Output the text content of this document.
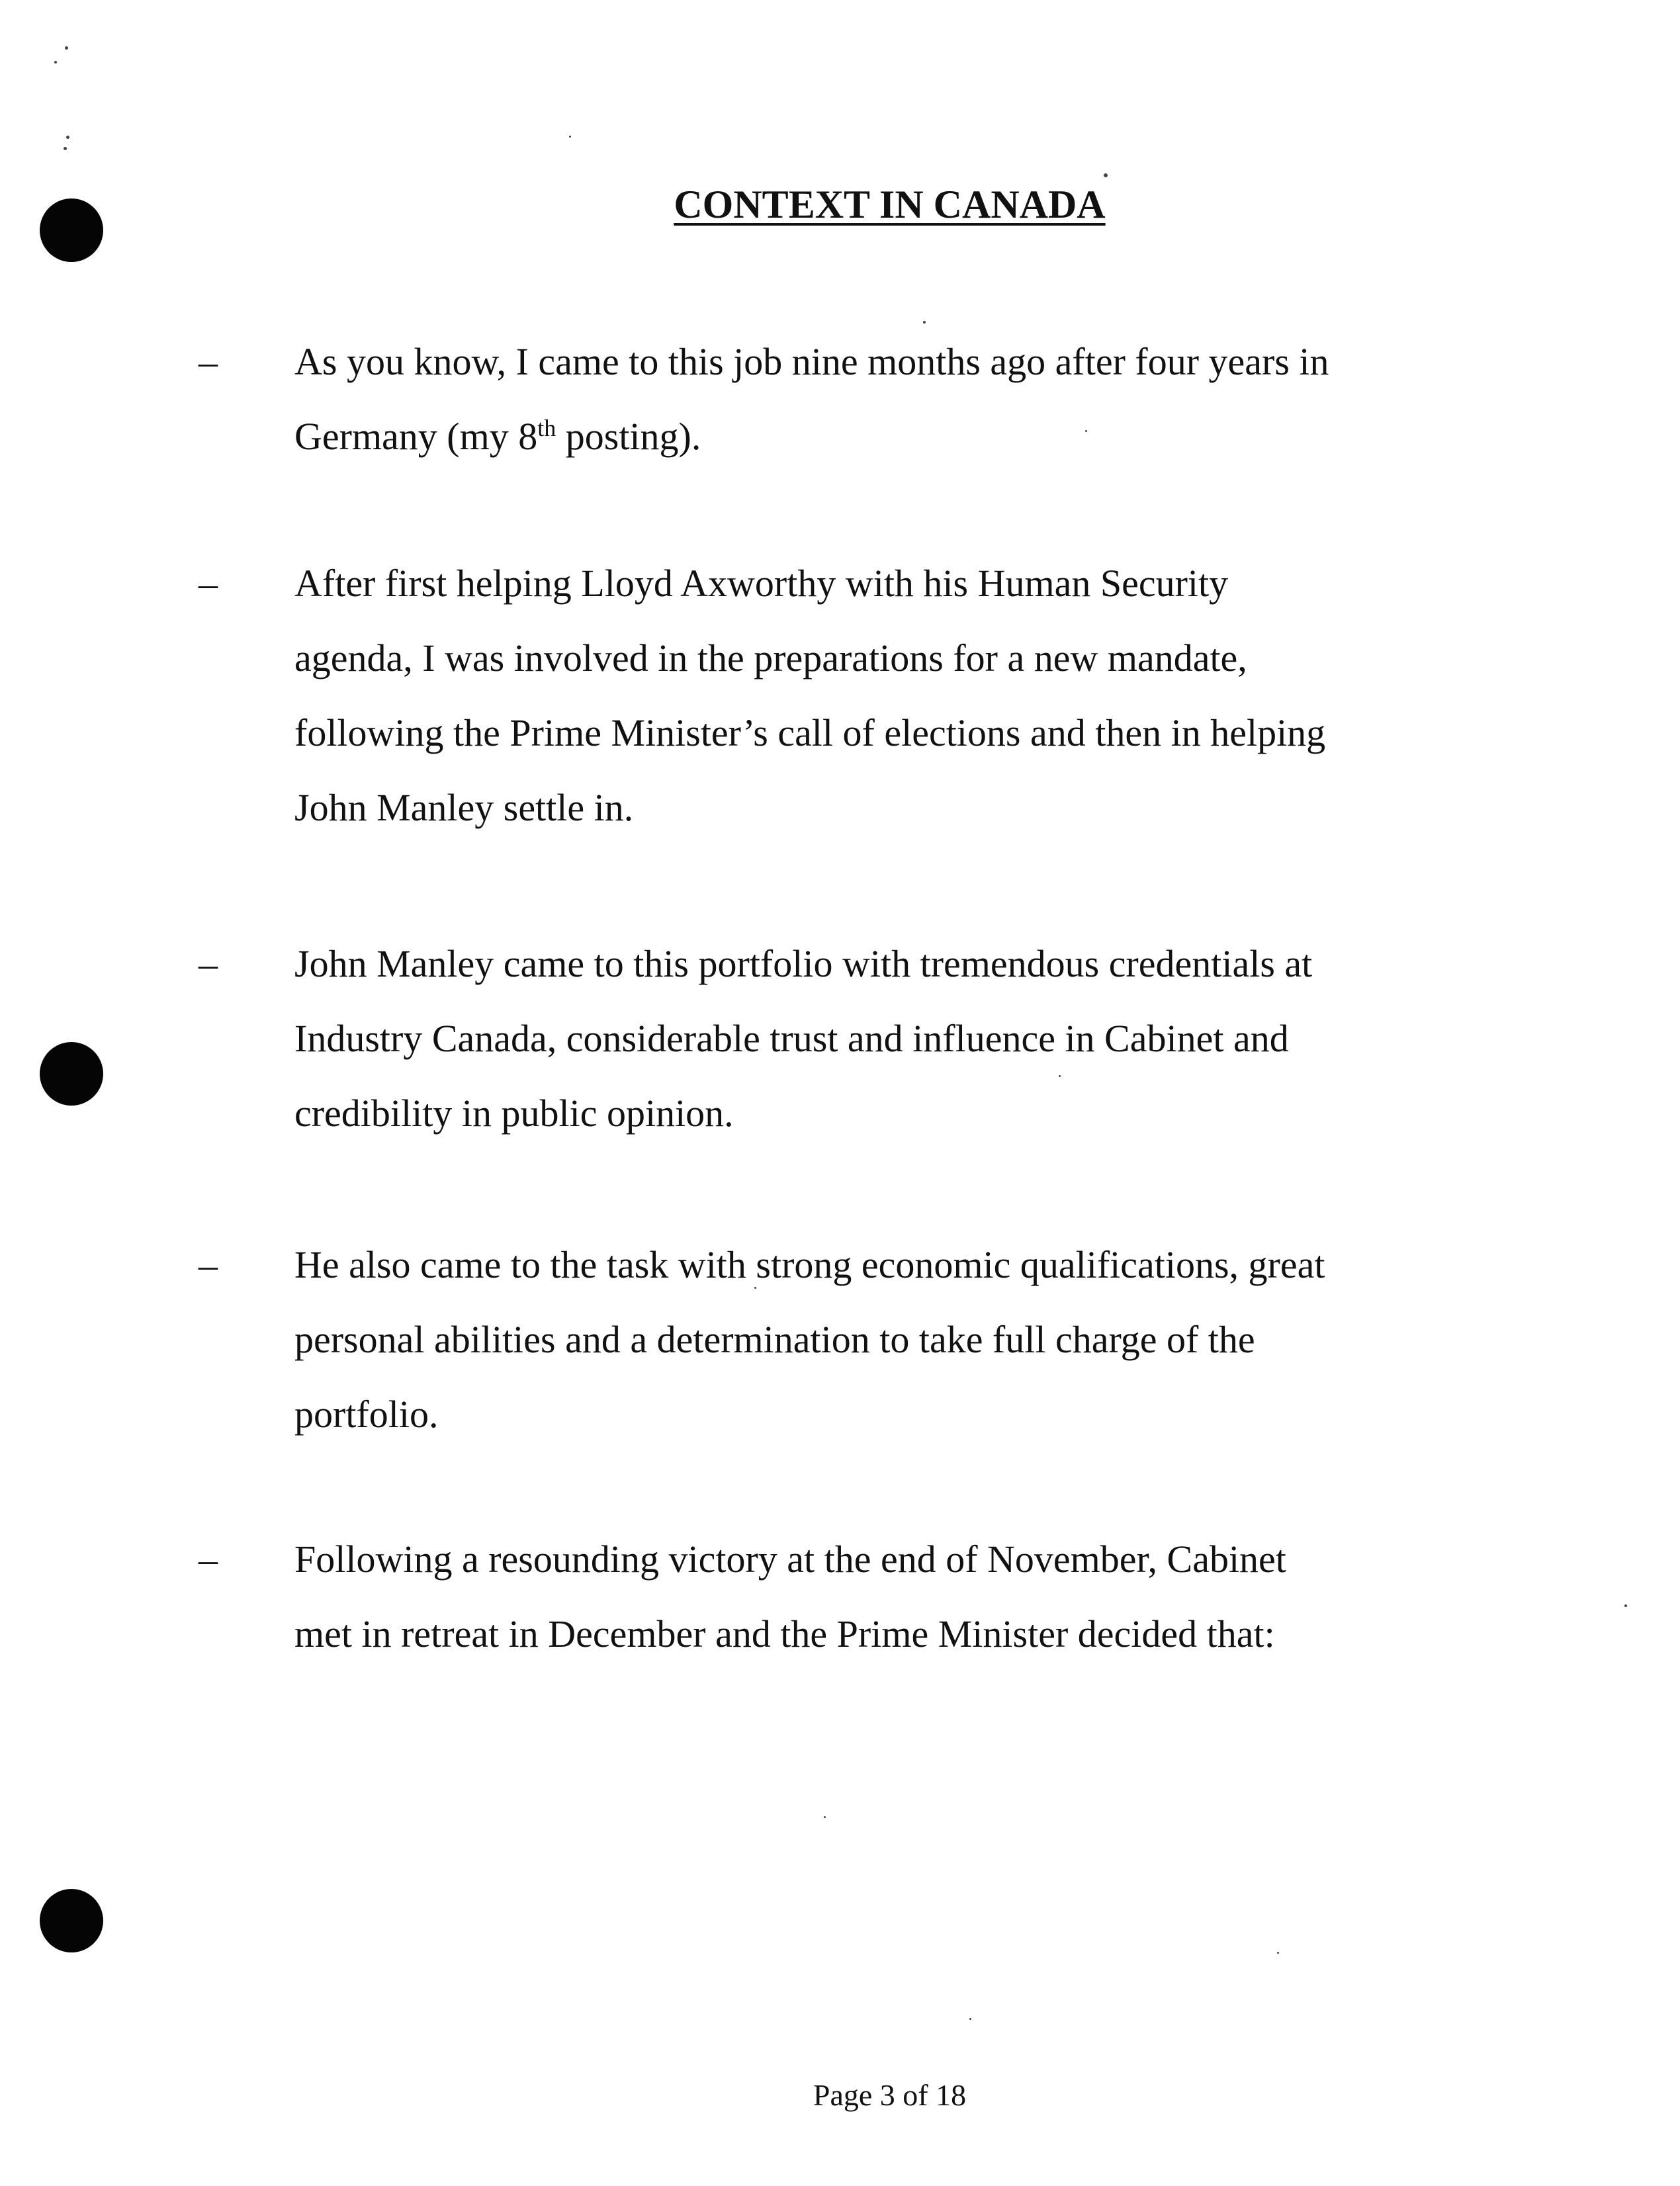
CONTEXT IN CANADA
– As you know, I came to this job nine months ago after four years in
Germany (my 8th posting).
– After first helping Lloyd Axworthy with his Human Security
agenda, I was involved in the preparations for a new mandate,
following the Prime Minister’s call of elections and then in helping
John Manley settle in.
– John Manley came to this portfolio with tremendous credentials at
Industry Canada, considerable trust and influence in Cabinet and
credibility in public opinion.
– He also came to the task with strong economic qualifications, great
personal abilities and a determination to take full charge of the
portfolio.
– Following a resounding victory at the end of November, Cabinet
met in retreat in December and the Prime Minister decided that:
Page 3 of 18
